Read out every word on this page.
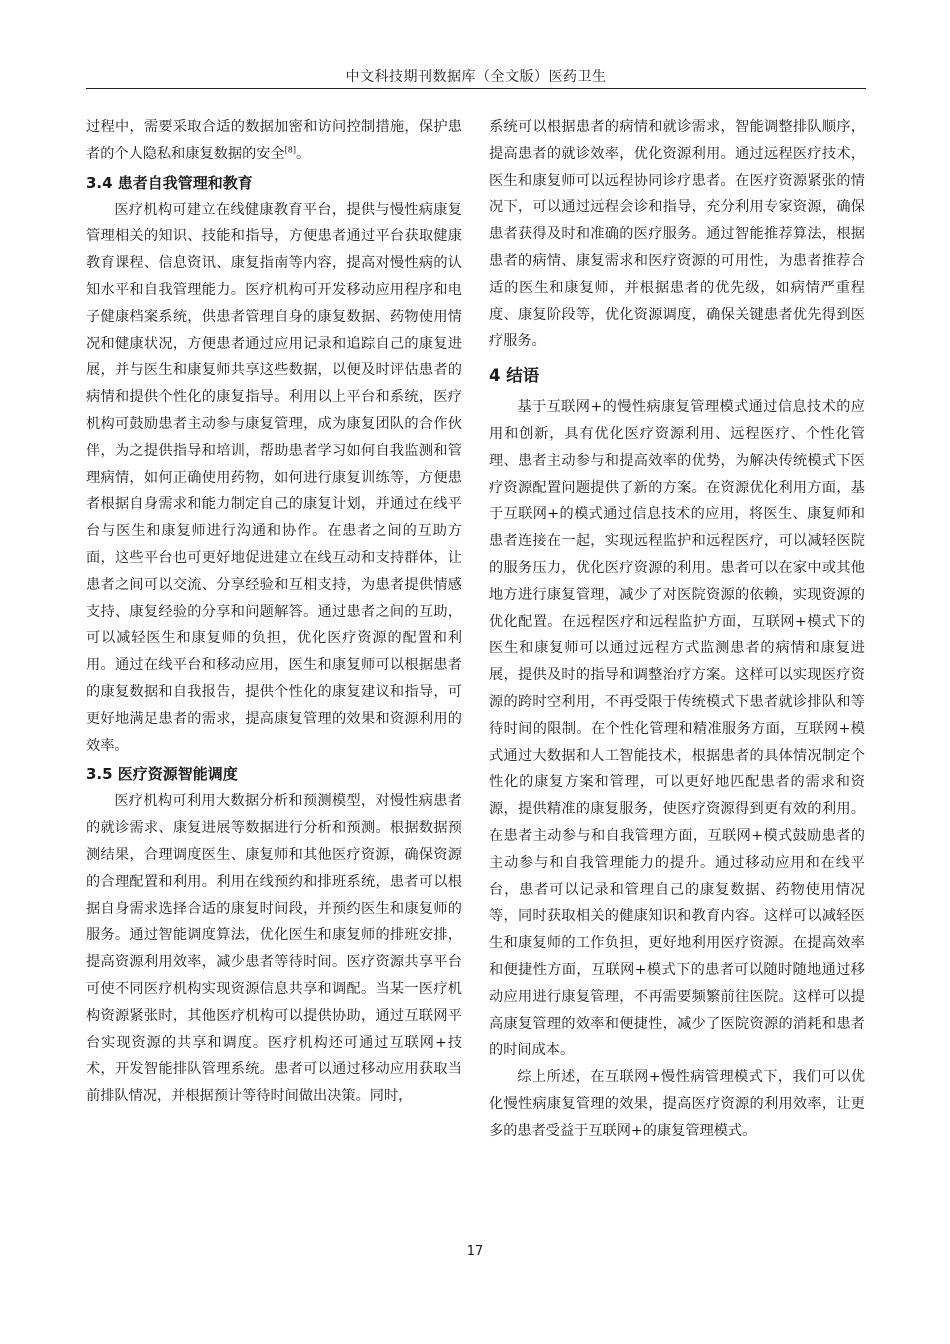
中文科技期刊数据库（全文版）医药卫生

过程中，需要采取合适的数据加密和访问控制措施，保护患者的个人隐私和康复数据的安全[8]。

3.4 患者自我管理和教育

医疗机构可建立在线健康教育平台，提供与慢性病康复管理相关的知识、技能和指导，方便患者通过平台获取健康教育课程、信息资讯、康复指南等内容，提高对慢性病的认知水平和自我管理能力。医疗机构可开发移动应用程序和电子健康档案系统，供患者管理自身的康复数据、药物使用情况和健康状况，方便患者通过应用记录和追踪自己的康复进展，并与医生和康复师共享这些数据，以便及时评估患者的病情和提供个性化的康复指导。利用以上平台和系统，医疗机构可鼓励患者主动参与康复管理，成为康复团队的合作伙伴，为之提供指导和培训，帮助患者学习如何自我监测和管理病情，如何正确使用药物，如何进行康复训练等，方便患者根据自身需求和能力制定自己的康复计划，并通过在线平台与医生和康复师进行沟通和协作。在患者之间的互助方面，这些平台也可更好地促进建立在线互动和支持群体，让患者之间可以交流、分享经验和互相支持，为患者提供情感支持、康复经验的分享和问题解答。通过患者之间的互助，可以减轻医生和康复师的负担，优化医疗资源的配置和利用。通过在线平台和移动应用，医生和康复师可以根据患者的康复数据和自我报告，提供个性化的康复建议和指导，可更好地满足患者的需求，提高康复管理的效果和资源利用的效率。

3.5 医疗资源智能调度

医疗机构可利用大数据分析和预测模型，对慢性病患者的就诊需求、康复进展等数据进行分析和预测。根据数据预测结果，合理调度医生、康复师和其他医疗资源，确保资源的合理配置和利用。利用在线预约和排班系统，患者可以根据自身需求选择合适的康复时间段，并预约医生和康复师的服务。通过智能调度算法，优化医生和康复师的排班安排，提高资源利用效率，减少患者等待时间。医疗资源共享平台可使不同医疗机构实现资源信息共享和调配。当某一医疗机构资源紧张时，其他医疗机构可以提供协助，通过互联网平台实现资源的共享和调度。医疗机构还可通过互联网+技术，开发智能排队管理系统。患者可以通过移动应用获取当前排队情况，并根据预计等待时间做出决策。同时，

系统可以根据患者的病情和就诊需求，智能调整排队顺序，提高患者的就诊效率，优化资源利用。通过远程医疗技术，医生和康复师可以远程协同诊疗患者。在医疗资源紧张的情况下，可以通过远程会诊和指导，充分利用专家资源，确保患者获得及时和准确的医疗服务。通过智能推荐算法，根据患者的病情、康复需求和医疗资源的可用性，为患者推荐合适的医生和康复师，并根据患者的优先级，如病情严重程度、康复阶段等，优化资源调度，确保关键患者优先得到医疗服务。

4 结语

基于互联网+的慢性病康复管理模式通过信息技术的应用和创新，具有优化医疗资源利用、远程医疗、个性化管理、患者主动参与和提高效率的优势，为解决传统模式下医疗资源配置问题提供了新的方案。在资源优化利用方面，基于互联网+的模式通过信息技术的应用，将医生、康复师和患者连接在一起，实现远程监护和远程医疗，可以减轻医院的服务压力，优化医疗资源的利用。患者可以在家中或其他地方进行康复管理，减少了对医院资源的依赖，实现资源的优化配置。在远程医疗和远程监护方面，互联网+模式下的医生和康复师可以通过远程方式监测患者的病情和康复进展，提供及时的指导和调整治疗方案。这样可以实现医疗资源的跨时空利用，不再受限于传统模式下患者就诊排队和等待时间的限制。在个性化管理和精准服务方面，互联网+模式通过大数据和人工智能技术，根据患者的具体情况制定个性化的康复方案和管理，可以更好地匹配患者的需求和资源，提供精准的康复服务，使医疗资源得到更有效的利用。在患者主动参与和自我管理方面，互联网+模式鼓励患者的主动参与和自我管理能力的提升。通过移动应用和在线平台，患者可以记录和管理自己的康复数据、药物使用情况等，同时获取相关的健康知识和教育内容。这样可以减轻医生和康复师的工作负担，更好地利用医疗资源。在提高效率和便捷性方面，互联网+模式下的患者可以随时随地通过移动应用进行康复管理，不再需要频繁前往医院。这样可以提高康复管理的效率和便捷性，减少了医院资源的消耗和患者的时间成本。

综上所述，在互联网+慢性病管理模式下，我们可以优化慢性病康复管理的效果，提高医疗资源的利用效率，让更多的患者受益于互联网+的康复管理模式。

17
